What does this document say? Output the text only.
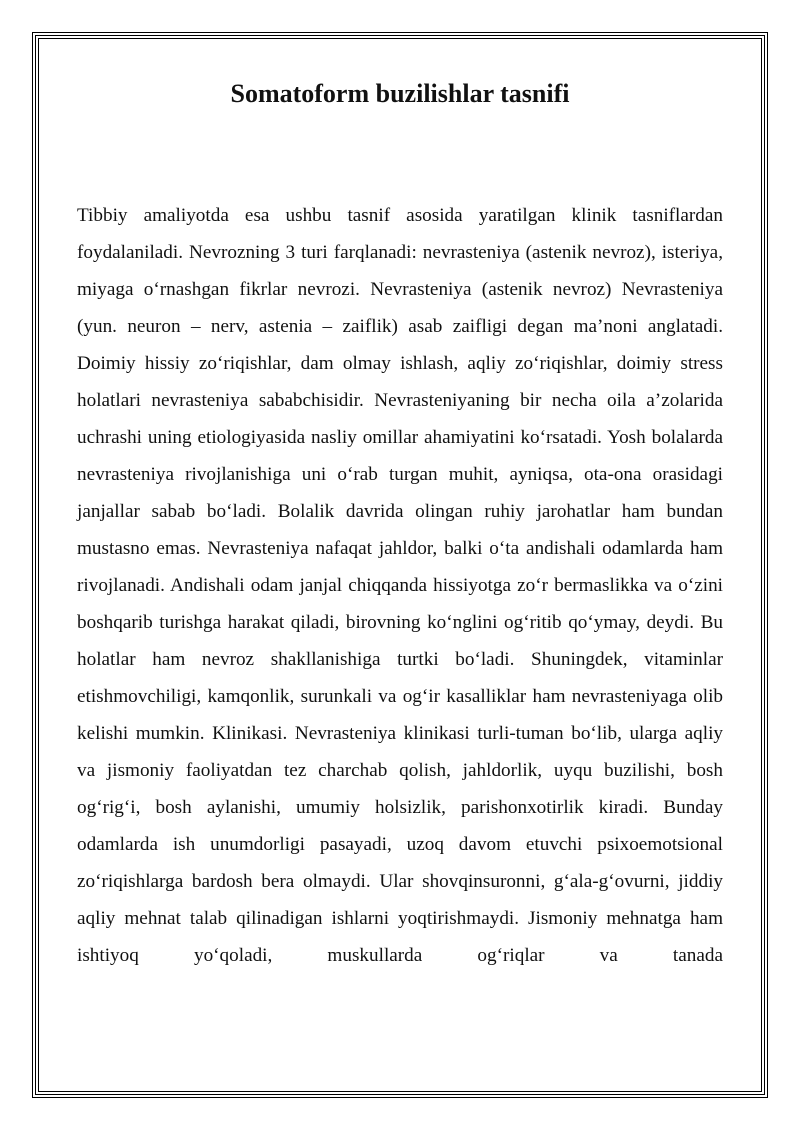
Somatoform buzilishlar tasnifi

Tibbiy amaliyotda esa ushbu tasnif asosida yaratilgan klinik tasniflardan foydalaniladi. Nevrozning 3 turi farqlanadi: nevrasteniya (astenik nevroz), isteriya, miyaga o‘rnashgan fikrlar nevrozi. Nevrasteniya (astenik nevroz) Nevrasteniya (yun. neuron – nerv, astenia – zaiflik) asab zaifligi degan ma’noni anglatadi. Doimiy hissiy zo‘riqishlar, dam olmay ishlash, aqliy zo‘riqishlar, doimiy stress holatlari nevrasteniya sababchisidir. Nevrasteniyaning bir necha oila a’zolarida uchrashi uning etiologiyasida nasliy omillar ahamiyatini ko‘rsatadi. Yosh bolalarda nevrasteniya rivojlanishiga uni o‘rab turgan muhit, ayniqsa, ota-ona orasidagi janjallar sabab bo‘ladi. Bolalik davrida olingan ruhiy jarohatlar ham bundan mustasno emas. Nevrasteniya nafaqat jahldor, balki o‘ta andishali odamlarda ham rivojlanadi. Andishali odam janjal chiqqanda hissiyotga zo‘r bermaslikka va o‘zini boshqarib turishga harakat qiladi, birovning ko‘nglini og‘ritib qo‘ymay, deydi. Bu holatlar ham nevroz shakllanishiga turtki bo‘ladi. Shuningdek, vitaminlar etishmovchiligi, kamqonlik, surunkali va og‘ir kasalliklar ham nevrasteniyaga olib kelishi mumkin. Klinikasi. Nevrasteniya klinikasi turli-tuman bo‘lib, ularga aqliy va jismoniy faoliyatdan tez charchab qolish, jahldorlik, uyqu buzilishi, bosh og‘rig‘i, bosh aylanishi, umumiy holsizlik, parishonxotirlik kiradi. Bunday odamlarda ish unumdorligi pasayadi, uzoq davom etuvchi psixoemotsional zo‘riqishlarga bardosh bera olmaydi. Ular shovqinsuronni, g‘ala-g‘ovurni, jiddiy aqliy mehnat talab qilinadigan ishlarni yoqtirishmaydi. Jismoniy mehnatga ham ishtiyoq yo‘qoladi, muskullarda og‘riqlar va tanada
